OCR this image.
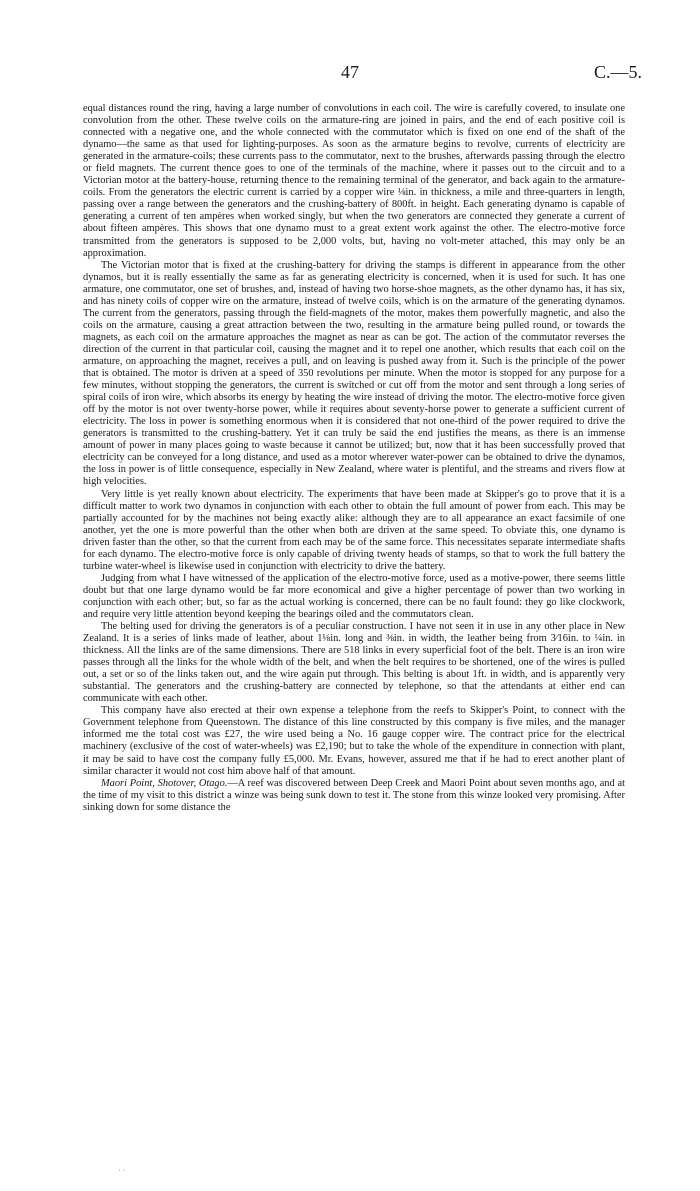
47	C.—5.

equal distances round the ring, having a large number of convolutions in each coil. The wire is carefully covered, to insulate one convolution from the other. These twelve coils on the armature-ring are joined in pairs, and the end of each positive coil is connected with a negative one, and the whole connected with the commutator which is fixed on one end of the shaft of the dynamo—the same as that used for lighting-purposes. As soon as the armature begins to revolve, currents of electricity are generated in the armature-coils; these currents pass to the commutator, next to the brushes, afterwards passing through the electro or field magnets. The current thence goes to one of the terminals of the machine, where it passes out to the circuit and to a Victorian motor at the battery-house, returning thence to the remaining terminal of the generator, and back again to the armature-coils. From the generators the electric current is carried by a copper wire ⅛in. in thickness, a mile and three-quarters in length, passing over a range between the generators and the crushing-battery of 800ft. in height. Each generating dynamo is capable of generating a current of ten ampères when worked singly, but when the two generators are connected they generate a current of about fifteen ampères. This shows that one dynamo must to a great extent work against the other. The electro-motive force transmitted from the generators is supposed to be 2,000 volts, but, having no volt-meter attached, this may only be an approximation.

The Victorian motor that is fixed at the crushing-battery for driving the stamps is different in appearance from the other dynamos, but it is really essentially the same as far as generating electricity is concerned, when it is used for such. It has one armature, one commutator, one set of brushes, and, instead of having two horse-shoe magnets, as the other dynamo has, it has six, and has ninety coils of copper wire on the armature, instead of twelve coils, which is on the armature of the generating dynamos. The current from the generators, passing through the field-magnets of the motor, makes them powerfully magnetic, and also the coils on the armature, causing a great attraction between the two, resulting in the armature being pulled round, or towards the magnets, as each coil on the armature approaches the magnet as near as can be got. The action of the commutator reverses the direction of the current in that particular coil, causing the magnet and it to repel one another, which results that each coil on the armature, on approaching the magnet, receives a pull, and on leaving is pushed away from it. Such is the principle of the power that is obtained. The motor is driven at a speed of 350 revolutions per minute. When the motor is stopped for any purpose for a few minutes, without stopping the generators, the current is switched or cut off from the motor and sent through a long series of spiral coils of iron wire, which absorbs its energy by heating the wire instead of driving the motor. The electro-motive force given off by the motor is not over twenty-horse power, while it requires about seventy-horse power to generate a sufficient current of electricity. The loss in power is something enormous when it is considered that not one-third of the power required to drive the generators is transmitted to the crushing-battery. Yet it can truly be said the end justifies the means, as there is an immense amount of power in many places going to waste because it cannot be utilized; but, now that it has been successfully proved that electricity can be conveyed for a long distance, and used as a motor wherever water-power can be obtained to drive the dynamos, the loss in power is of little consequence, especially in New Zealand, where water is plentiful, and the streams and rivers flow at high velocities.

Very little is yet really known about electricity. The experiments that have been made at Skipper's go to prove that it is a difficult matter to work two dynamos in conjunction with each other to obtain the full amount of power from each. This may be partially accounted for by the machines not being exactly alike: although they are to all appearance an exact facsimile of one another, yet the one is more powerful than the other when both are driven at the same speed. To obviate this, one dynamo is driven faster than the other, so that the current from each may be of the same force. This necessitates separate intermediate shafts for each dynamo. The electro-motive force is only capable of driving twenty heads of stamps, so that to work the full battery the turbine water-wheel is likewise used in conjunction with electricity to drive the battery.

Judging from what I have witnessed of the application of the electro-motive force, used as a motive-power, there seems little doubt but that one large dynamo would be far more economical and give a higher percentage of power than two working in conjunction with each other; but, so far as the actual working is concerned, there can be no fault found: they go like clockwork, and require very little attention beyond keeping the bearings oiled and the commutators clean.

The belting used for driving the generators is of a peculiar construction. I have not seen it in use in any other place in New Zealand. It is a series of links made of leather, about 1⅛in. long and ⅜in. in width, the leather being from 3⁄16in. to ¼in. in thickness. All the links are of the same dimensions. There are 518 links in every superficial foot of the belt. There is an iron wire passes through all the links for the whole width of the belt, and when the belt requires to be shortened, one of the wires is pulled out, a set or so of the links taken out, and the wire again put through. This belting is about 1ft. in width, and is apparently very substantial. The generators and the crushing-battery are connected by telephone, so that the attendants at either end can communicate with each other.

This company have also erected at their own expense a telephone from the reefs to Skipper's Point, to connect with the Government telephone from Queenstown. The distance of this line constructed by this company is five miles, and the manager informed me the total cost was £27, the wire used being a No. 16 gauge copper wire. The contract price for the electrical machinery (exclusive of the cost of water-wheels) was £2,190; but to take the whole of the expenditure in connection with plant, it may be said to have cost the company fully £5,000. Mr. Evans, however, assured me that if he had to erect another plant of similar character it would not cost him above half of that amount.

Maori Point, Shotover, Otago.—A reef was discovered between Deep Creek and Maori Point about seven months ago, and at the time of my visit to this district a winze was being sunk down to test it. The stone from this winze looked very promising. After sinking down for some distance the

· ·
